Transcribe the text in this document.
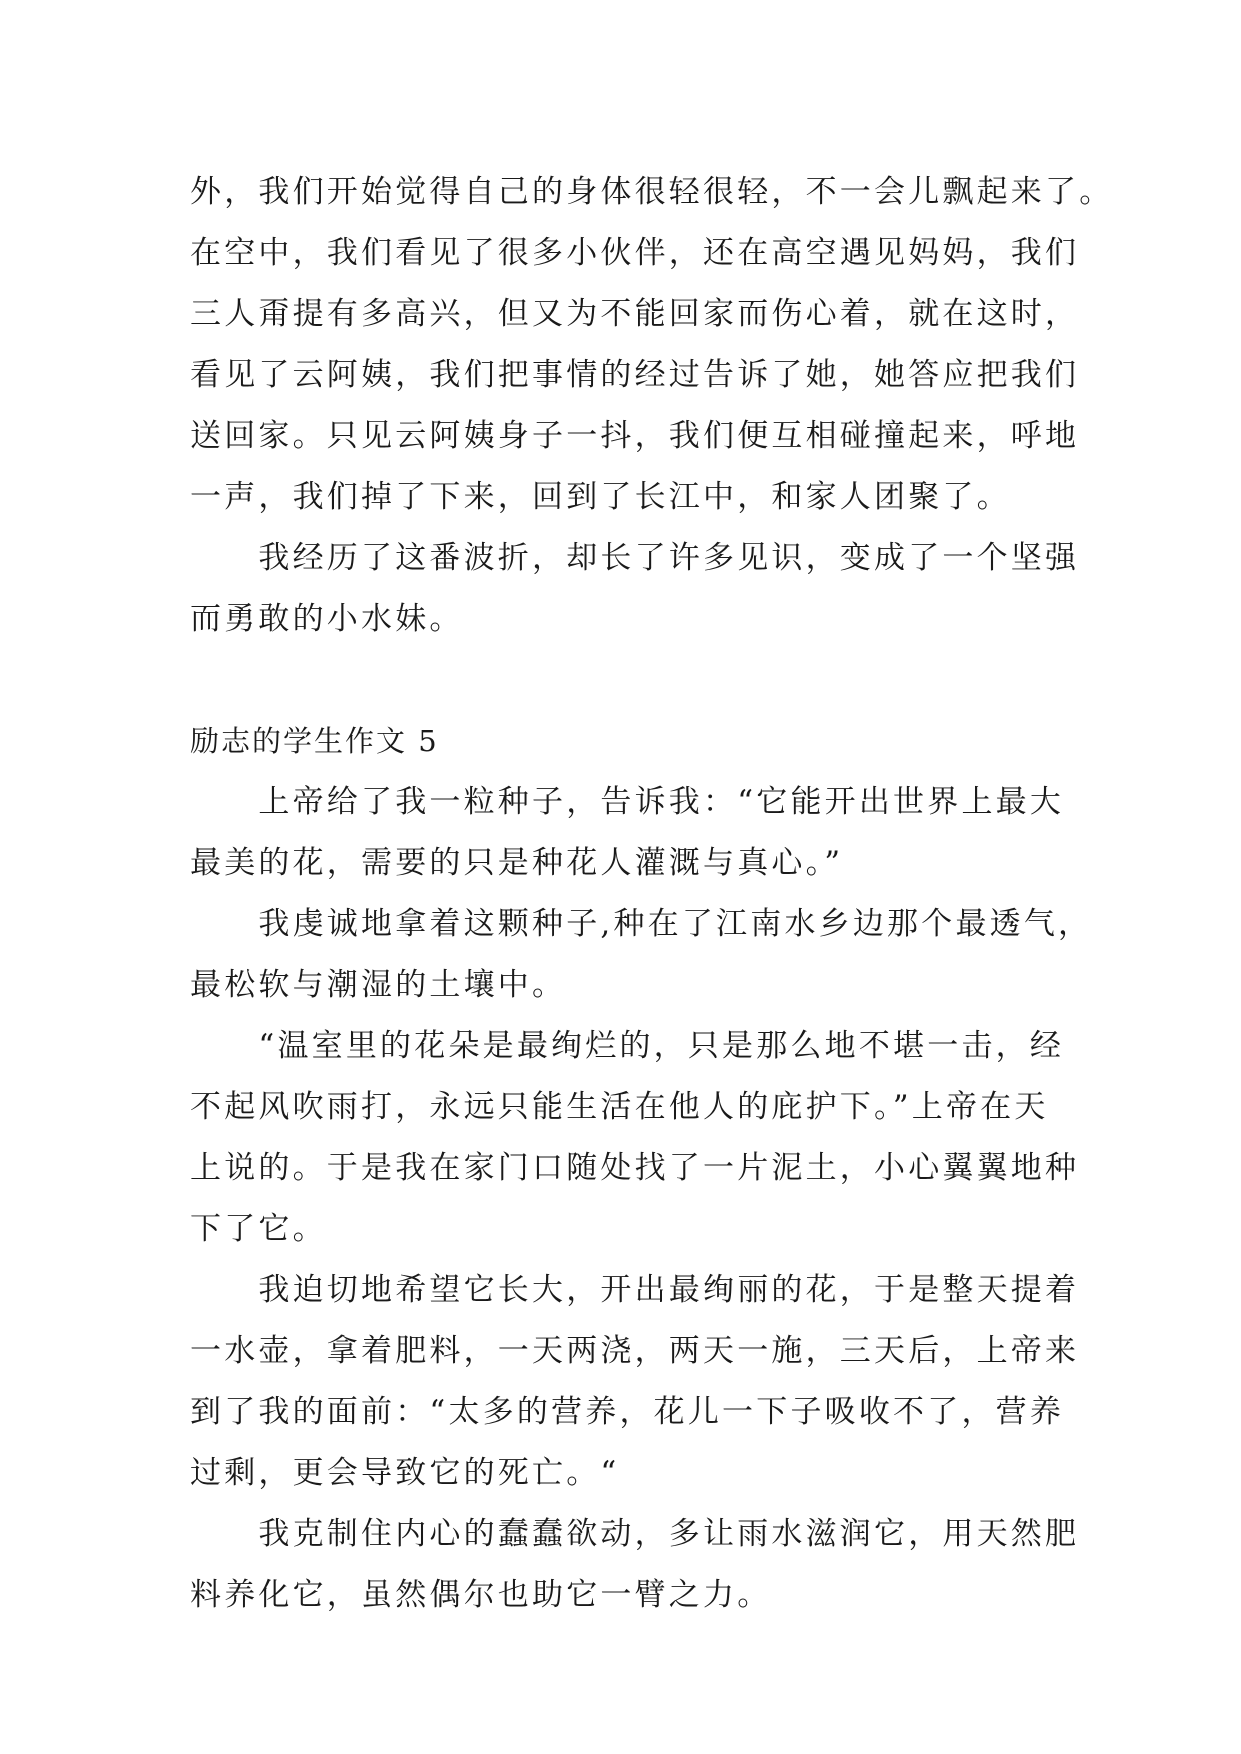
外，我们开始觉得自己的身体很轻很轻，不一会儿飘起来了。
在空中，我们看见了很多小伙伴，还在高空遇见妈妈，我们
三人甭提有多高兴，但又为不能回家而伤心着，就在这时，
看见了云阿姨，我们把事情的经过告诉了她，她答应把我们
送回家。只见云阿姨身子一抖，我们便互相碰撞起来，呼地
一声，我们掉了下来，回到了长江中，和家人团聚了。
　　我经历了这番波折，却长了许多见识，变成了一个坚强
而勇敢的小水妹。
励志的学生作文 5
　　上帝给了我一粒种子，告诉我：“它能开出世界上最大
最美的花，需要的只是种花人灌溉与真心。”
　　我虔诚地拿着这颗种子,种在了江南水乡边那个最透气，
最松软与潮湿的土壤中。
　　“温室里的花朵是最绚烂的，只是那么地不堪一击，经
不起风吹雨打，永远只能生活在他人的庇护下。”上帝在天
上说的。于是我在家门口随处找了一片泥土，小心翼翼地种
下了它。
　　我迫切地希望它长大，开出最绚丽的花，于是整天提着
一水壶，拿着肥料，一天两浇，两天一施，三天后，上帝来
到了我的面前：“太多的营养，花儿一下子吸收不了，营养
过剩，更会导致它的死亡。“
　　我克制住内心的蠢蠢欲动，多让雨水滋润它，用天然肥
料养化它，虽然偶尔也助它一臂之力。
